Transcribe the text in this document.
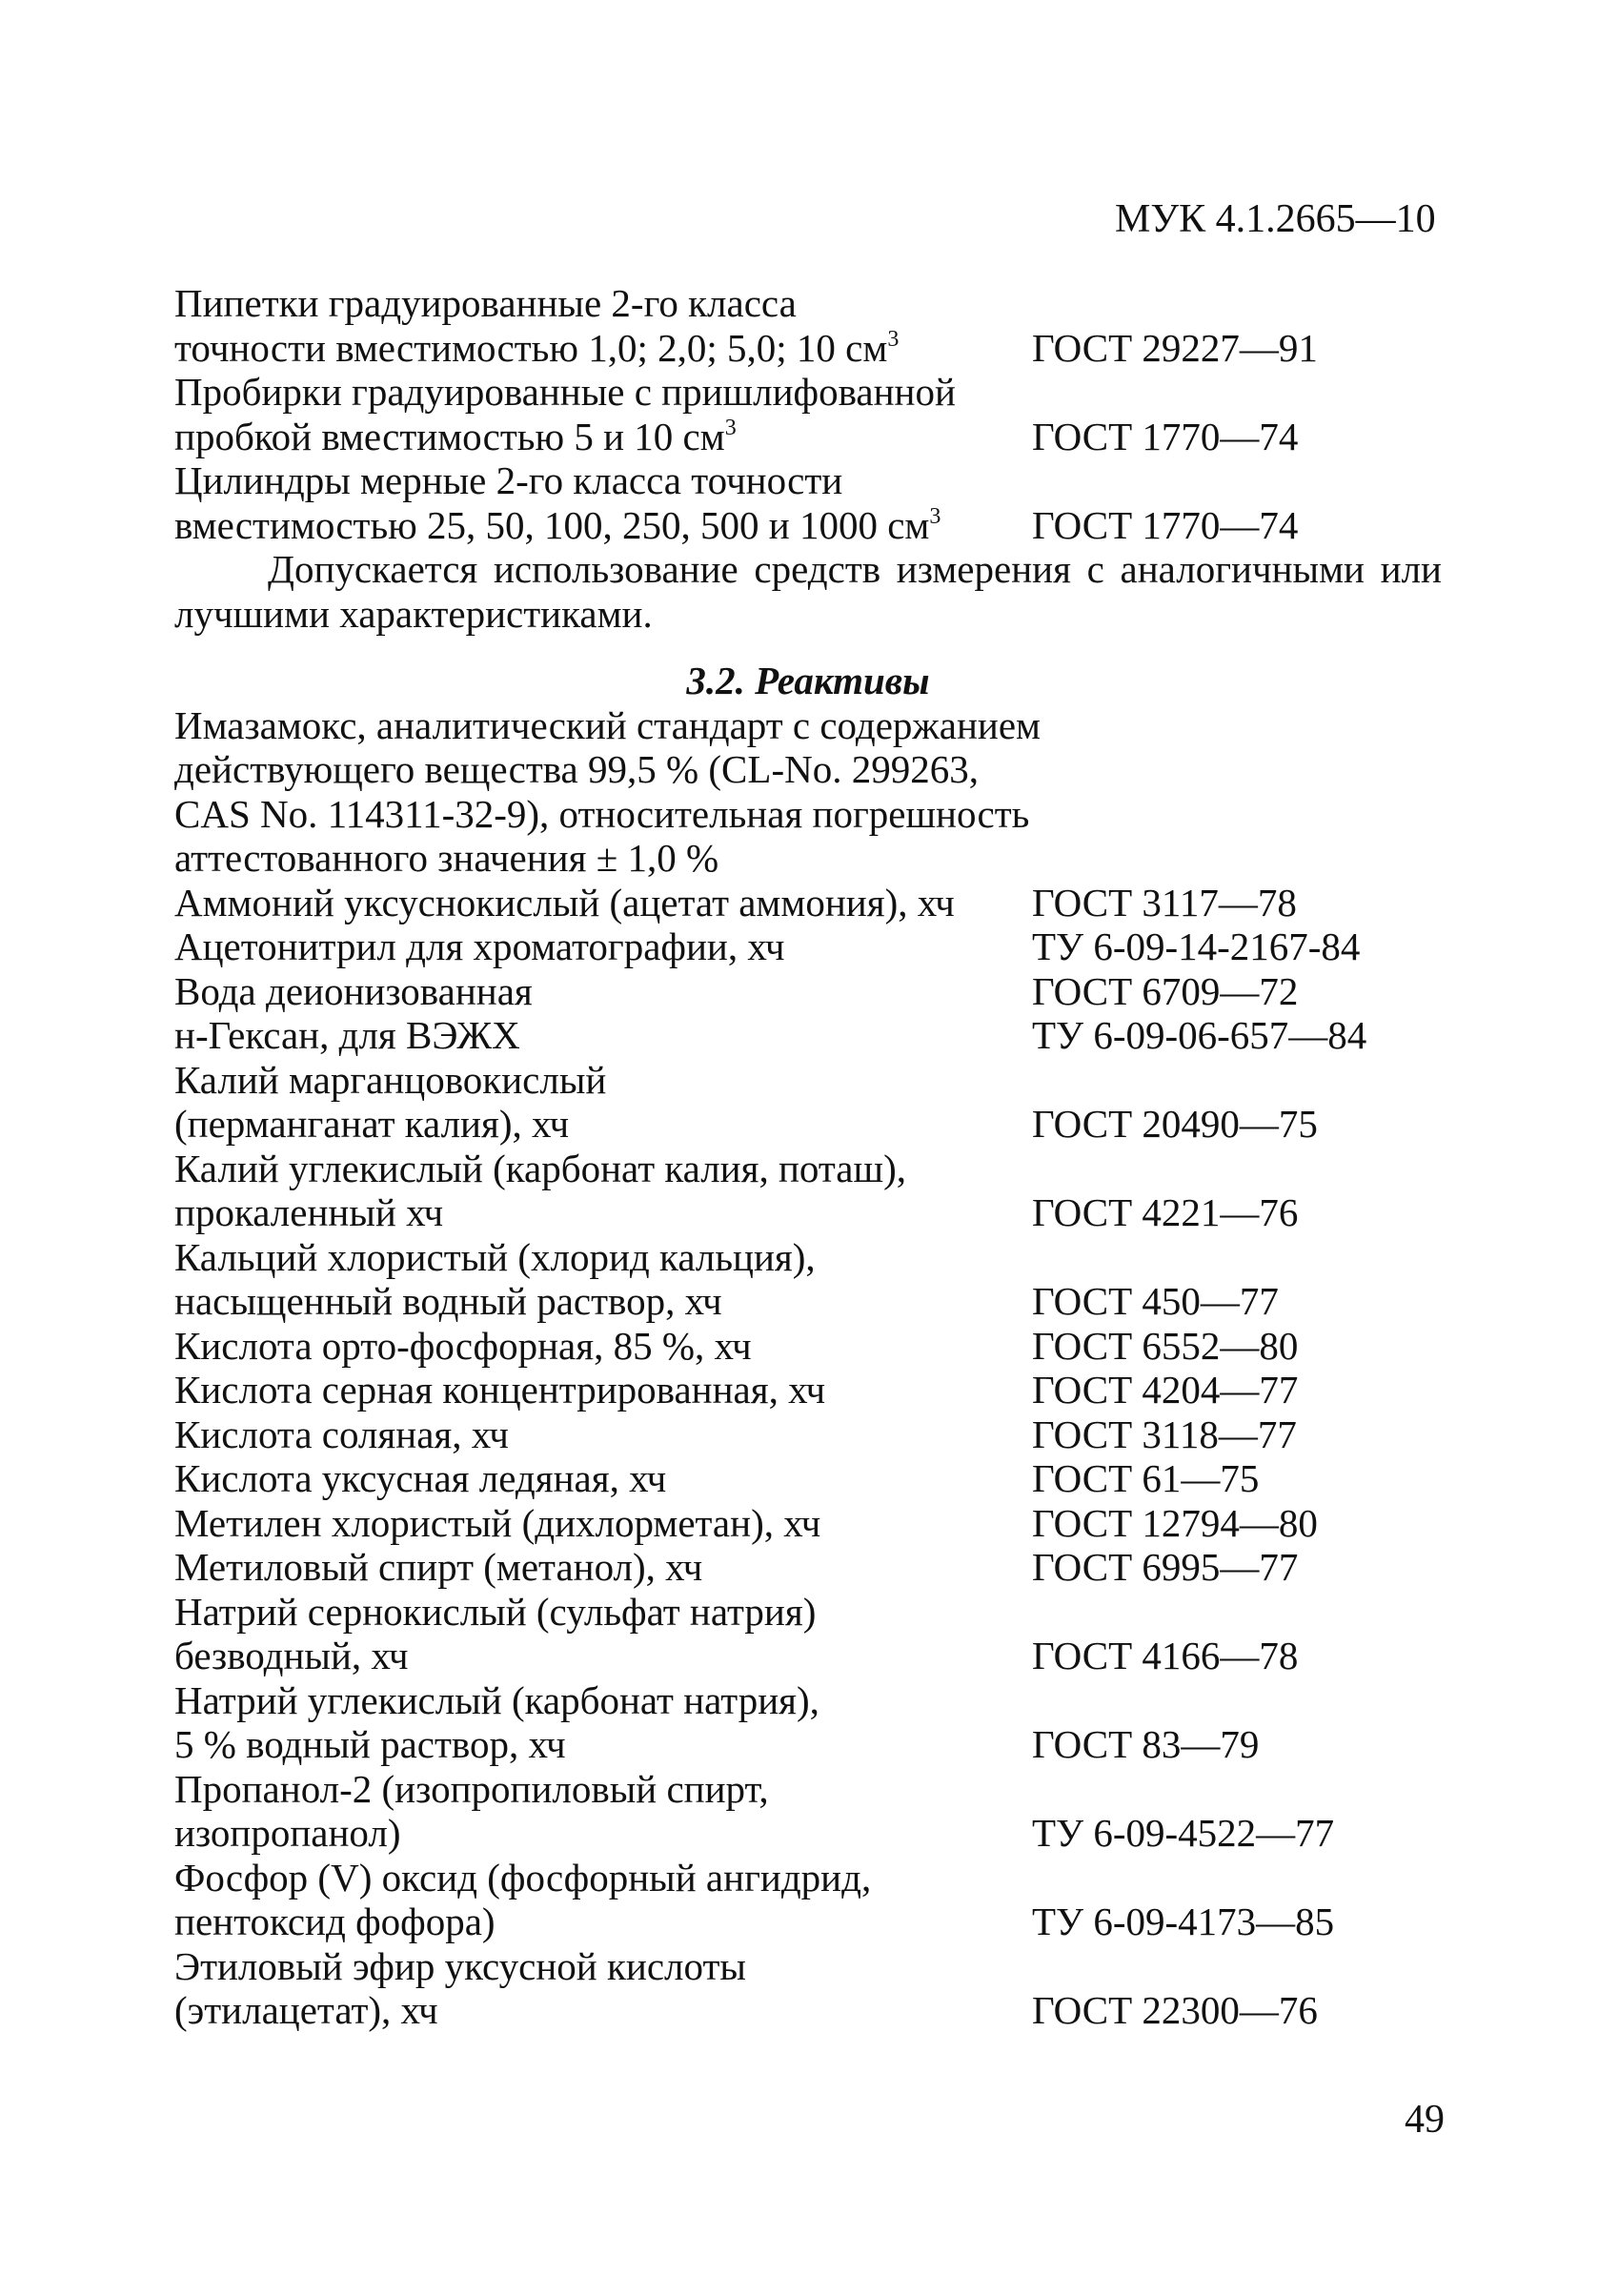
МУК 4.1.2665—10
Пипетки градуированные 2-го класса
точности вместимостью 1,0; 2,0; 5,0; 10 $см^3$	ГОСТ 29227—91
Пробирки градуированные с пришлифованной
пробкой вместимостью 5 и 10 $см^3$	ГОСТ 1770—74
Цилиндры мерные 2-го класса точности
вместимостью 25, 50, 100, 250, 500 и 1000 $см^3$ ГОСТ 1770—74
Допускается использование средств измерения с аналогичными или лучшими характеристиками.
3.2. Реактивы
Имазамокс, аналитический стандарт с содержанием
действующего вещества 99,5 % (CL-No. 299263,
CAS No. 114311-32-9), относительная погрешность
аттестованного значения ± 1,0 %
Аммоний уксуснокислый (ацетат аммония), хч ГОСТ 3117—78
Ацетонитрил для хроматографии, хч	ТУ 6-09-14-2167-84
Вода деионизованная	ГОСТ 6709—72
н-Гексан, для ВЭЖХ	ТУ 6-09-06-657—84
Калий марганцовокислый
(перманганат калия), хч	ГОСТ 20490—75
Калий углекислый (карбонат калия, поташ),
прокаленный хч	ГОСТ 4221—76
Кальций хлористый (хлорид кальция),
насыщенный водный раствор, хч	ГОСТ 450—77
Кислота орто-фосфорная, 85 %, хч	ГОСТ 6552—80
Кислота серная концентрированная, хч	ГОСТ 4204—77
Кислота соляная, хч	ГОСТ 3118—77
Кислота уксусная ледяная, хч	ГОСТ 61—75
Метилен хлористый (дихлорметан), хч	ГОСТ 12794—80
Метиловый спирт (метанол), хч	ГОСТ 6995—77
Натрий сернокислый (сульфат натрия)
безводный, хч	ГОСТ 4166—78
Натрий углекислый (карбонат натрия),
5 % водный раствор, хч	ГОСТ 83—79
Пропанол-2 (изопропиловый спирт,
изопропанол)	ТУ 6-09-4522—77
Фосфор (V) оксид (фосфорный ангидрид,
пентоксид фофора)	ТУ 6-09-4173—85
Этиловый эфир уксусной кислоты
(этилацетат), хч	ГОСТ 22300—76
49
